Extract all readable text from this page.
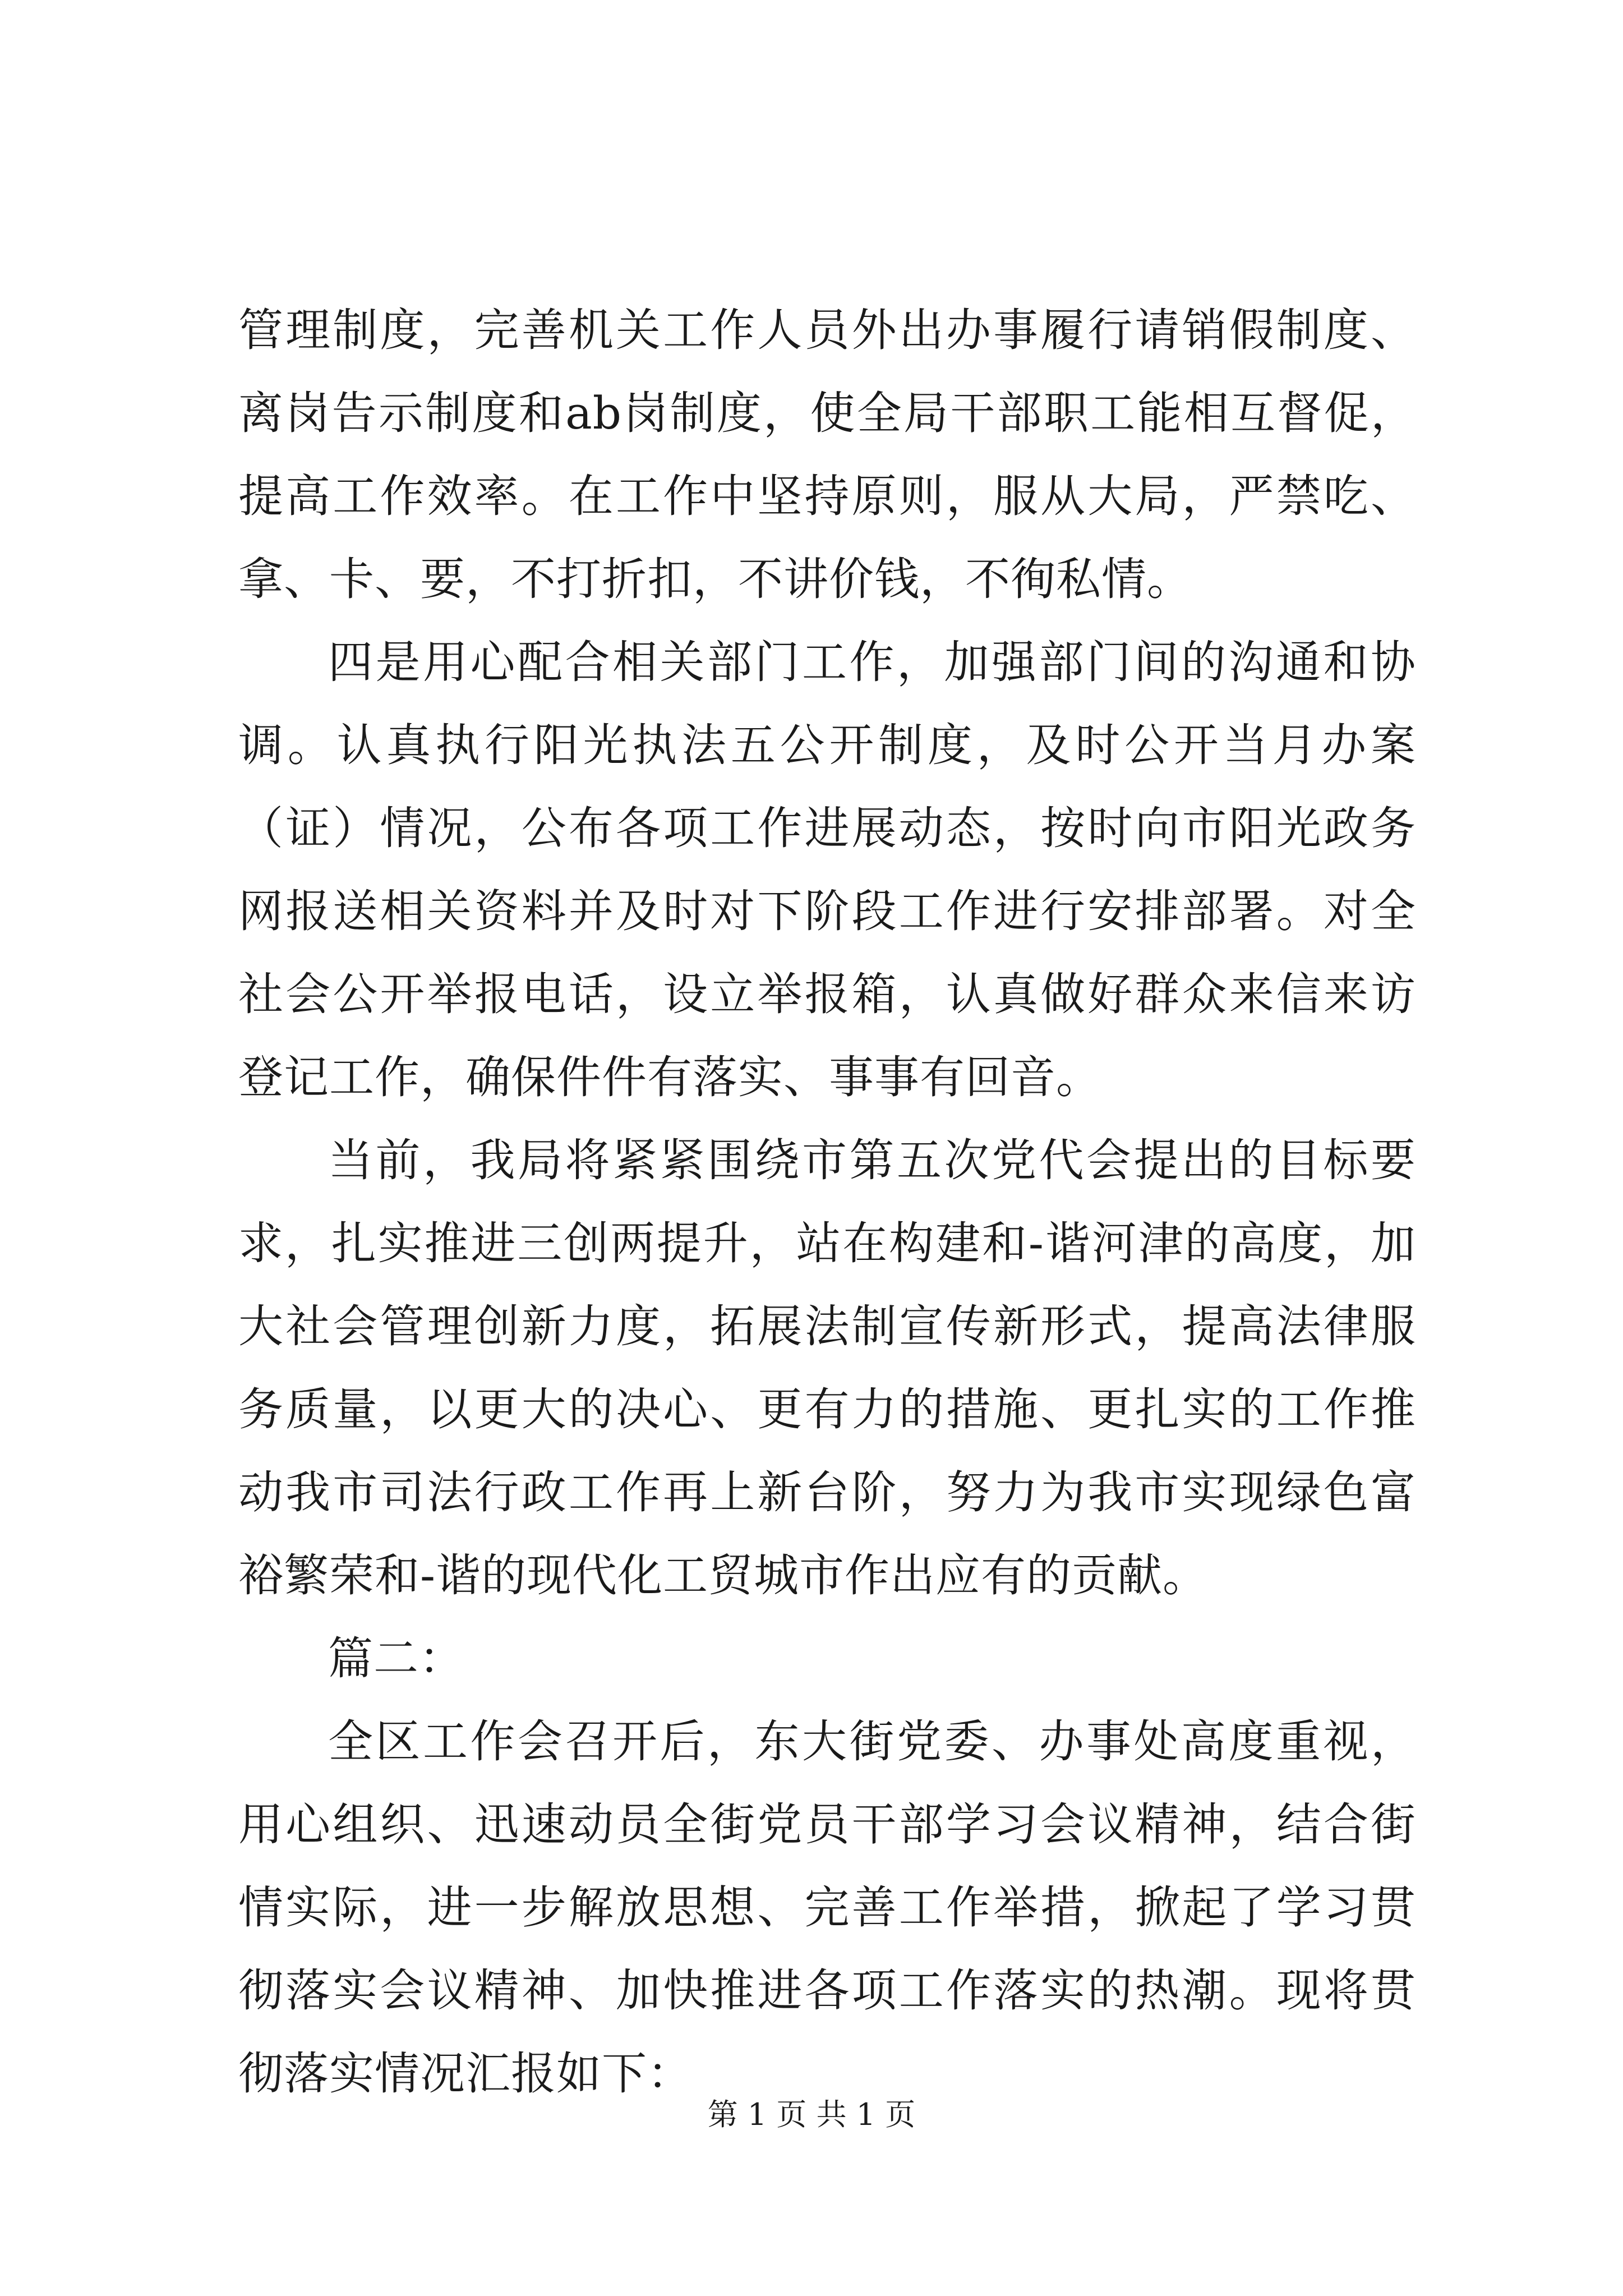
管理制度，完善机关工作人员外出办事履行请销假制度、离岗告示制度和ab岗制度，使全局干部职工能相互督促，提高工作效率。在工作中坚持原则，服从大局，严禁吃、拿、卡、要，不打折扣，不讲价钱，不徇私情。

四是用心配合相关部门工作，加强部门间的沟通和协调。认真执行阳光执法五公开制度，及时公开当月办案（证）情况，公布各项工作进展动态，按时向市阳光政务网报送相关资料并及时对下阶段工作进行安排部署。对全社会公开举报电话，设立举报箱，认真做好群众来信来访登记工作，确保件件有落实、事事有回音。

当前，我局将紧紧围绕市第五次党代会提出的目标要求，扎实推进三创两提升，站在构建和-谐河津的高度，加大社会管理创新力度，拓展法制宣传新形式，提高法律服务质量，以更大的决心、更有力的措施、更扎实的工作推动我市司法行政工作再上新台阶，努力为我市实现绿色富裕繁荣和-谐的现代化工贸城市作出应有的贡献。

篇二：

全区工作会召开后，东大街党委、办事处高度重视，用心组织、迅速动员全街党员干部学习会议精神，结合街情实际，进一步解放思想、完善工作举措，掀起了学习贯彻落实会议精神、加快推进各项工作落实的热潮。现将贯彻落实情况汇报如下：

第 1 页 共 1 页
